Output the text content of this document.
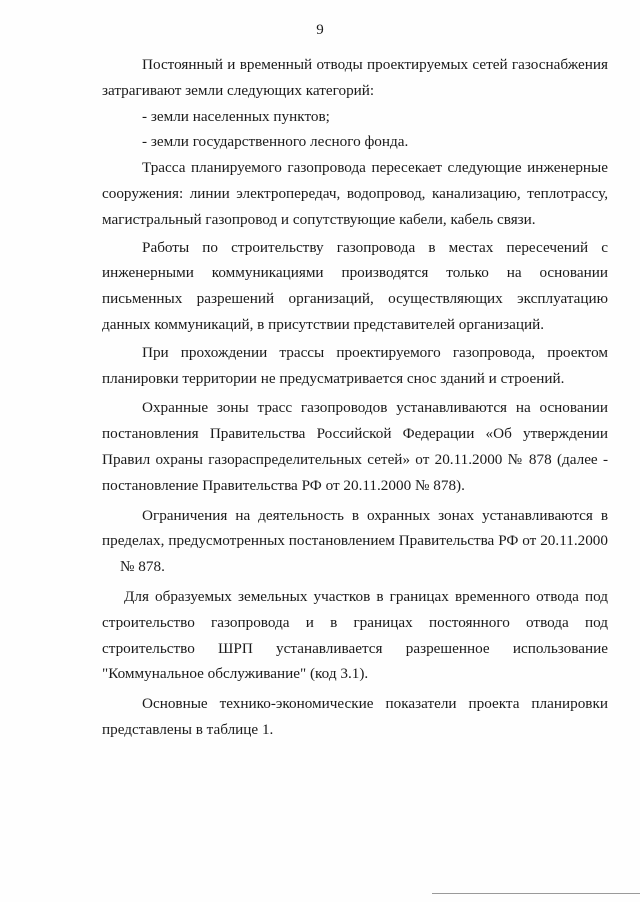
9
Постоянный и временный отводы проектируемых сетей газоснабжения
затрагивают земли следующих категорий:
- земли населенных пунктов;
- земли государственного лесного фонда.
Трасса планируемого газопровода пересекает следующие инженерные
сооружения: линии электропередач, водопровод, канализацию, теплотрассу,
магистральный газопровод и сопутствующие кабели, кабель связи.
Работы по строительству газопровода в местах пересечений с
инженерными коммуникациями производятся только на основании
письменных разрешений организаций, осуществляющих эксплуатацию
данных коммуникаций, в присутствии представителей организаций.
При прохождении трассы проектируемого газопровода, проектом
планировки территории не предусматривается снос зданий и строений.
Охранные зоны трасс газопроводов устанавливаются на основании
постановления Правительства Российской Федерации «Об утверждении
Правил охраны газораспределительных сетей» от 20.11.2000 № 878 (далее -
постановление Правительства РФ от 20.11.2000 № 878).
Ограничения на деятельность в охранных зонах устанавливаются в
пределах, предусмотренных постановлением Правительства РФ от 20.11.2000
№ 878.
Для образуемых земельных участков в границах временного отвода под
строительство газопровода и в границах постоянного отвода под
строительство ШРП устанавливается разрешенное использование
"Коммунальное обслуживание" (код 3.1).
Основные технико-экономические показатели проекта планировки
представлены в таблице 1.
